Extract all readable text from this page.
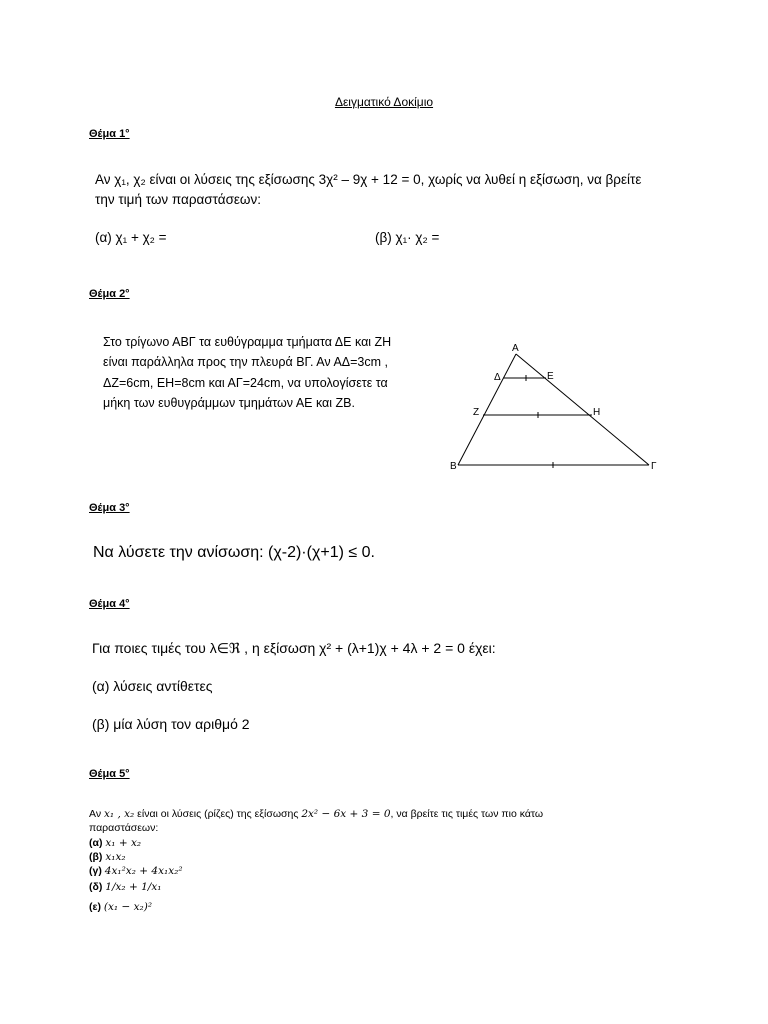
Δειγματικό Δοκίμιο
Θέμα 1°
Αν χ₁, χ₂ είναι οι λύσεις της εξίσωσης 3χ² – 9χ + 12 = 0, χωρίς να λυθεί η εξίσωση, να βρείτε
την τιμή των παραστάσεων:
(α) χ₁ + χ₂ =	(β) χ₁· χ₂ =
Θέμα 2°
Στο τρίγωνο ΑΒΓ τα ευθύγραμμα τμήματα ΔΕ και ΖΗ
είναι παράλληλα προς την πλευρά ΒΓ. Αν ΑΔ=3cm ,
ΔΖ=6cm, ΕΗ=8cm και ΑΓ=24cm, να υπολογίσετε τα
μήκη των ευθυγράμμων τμημάτων ΑΕ και ΖΒ.
Α
Δ	Ε
Ζ	Η
Β	Γ
Θέμα 3°
Να λύσετε την ανίσωση: (χ-2)·(χ+1) ≤ 0.
Θέμα 4°
Για ποιες τιμές του λ∈ℜ , η εξίσωση χ² + (λ+1)χ + 4λ + 2 = 0 έχει:
(α) λύσεις αντίθετες
(β) μία λύση τον αριθμό 2
Θέμα 5°
Αν x₁ , x₂ είναι οι λύσεις (ρίζες) της εξίσωσης 2x² − 6x + 3 = 0, να βρείτε τις τιμές των πιο κάτω
παραστάσεων:
(α) x₁ + x₂
(β) x₁x₂
(γ) 4x₁²x₂ + 4x₁x₂²
(δ) 1/x₂ + 1/x₁
(ε) (x₁ − x₂)²
